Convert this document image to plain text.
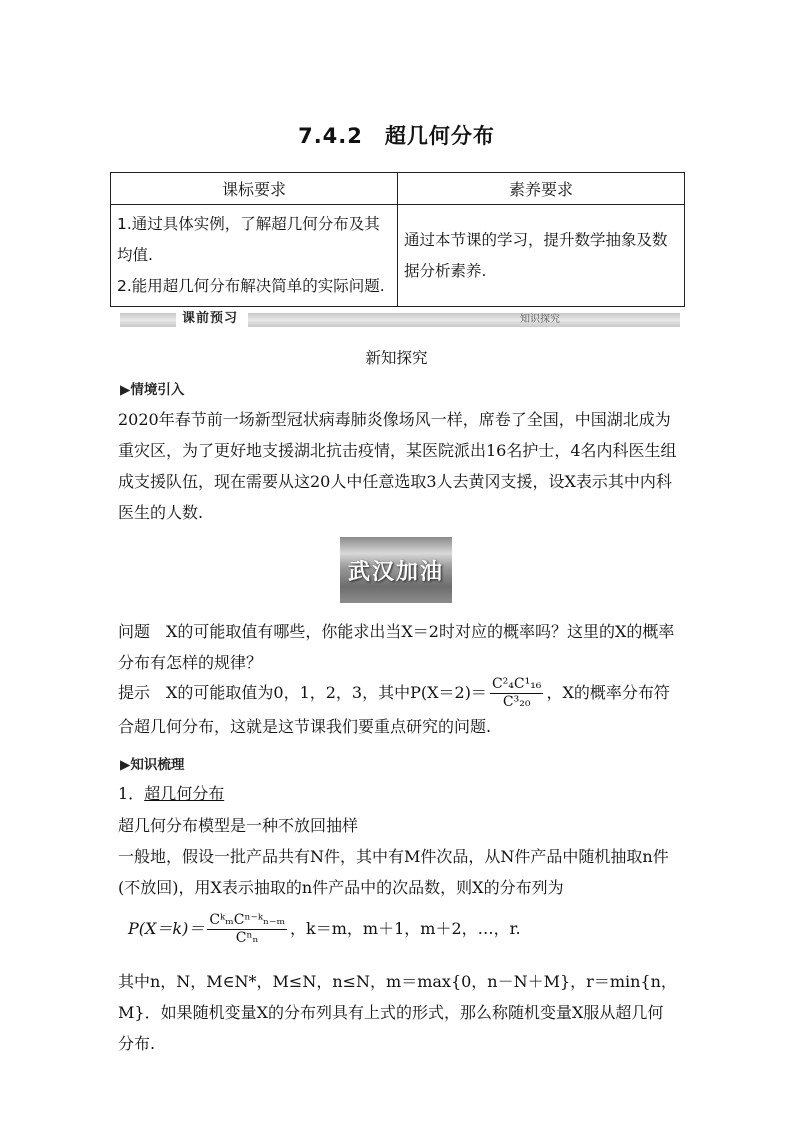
7.4.2　超几何分布
课标要求	素养要求

1.通过具体实例，了解超几何分布及其均值.
2.能用超几何分布解决简单的实际问题.	通过本节课的学习，提升数学抽象及数据分析素养.
课前预习	知识探究
新知探究
▶情境引入
2020年春节前一场新型冠状病毒肺炎像场风一样，席卷了全国，中国湖北成为重灾区，为了更好地支援湖北抗击疫情，某医院派出16名护士，4名内科医生组成支援队伍，现在需要从这20人中任意选取3人去黄冈支援，设X表示其中内科医生的人数.
武汉加油
问题　X的可能取值有哪些，你能求出当X＝2时对应的概率吗？这里的X的概率分布有怎样的规律？
提示　X的可能取值为0，1，2，3，其中$P(X=2)= \frac{\text{C²₄C¹₁₆}}{\text{C³₂₀}}$ ，X的概率分布符合超几何分布，这就是这节课我们要重点研究的问题.
▶知识梳理
1．超几何分布
超几何分布模型是一种不放回抽样
一般地，假设一批产品共有N件，其中有M件次品，从N件产品中随机抽取n件(不放回)，用X表示抽取的n件产品中的次品数，则X的分布列为
$P(X=k)= \frac{\text{CᵏₘCⁿ⁻ᵏₙ₋ₘ}}{\text{Cⁿₙ}}$ ，k＝m，m＋1，m＋2，…，r.
其中n，N，M∈N*，M≤N，n≤N，m＝max{0，n－N＋M}，r＝min{n，M}．如果随机变量X的分布列具有上式的形式，那么称随机变量X服从超几何分布.
